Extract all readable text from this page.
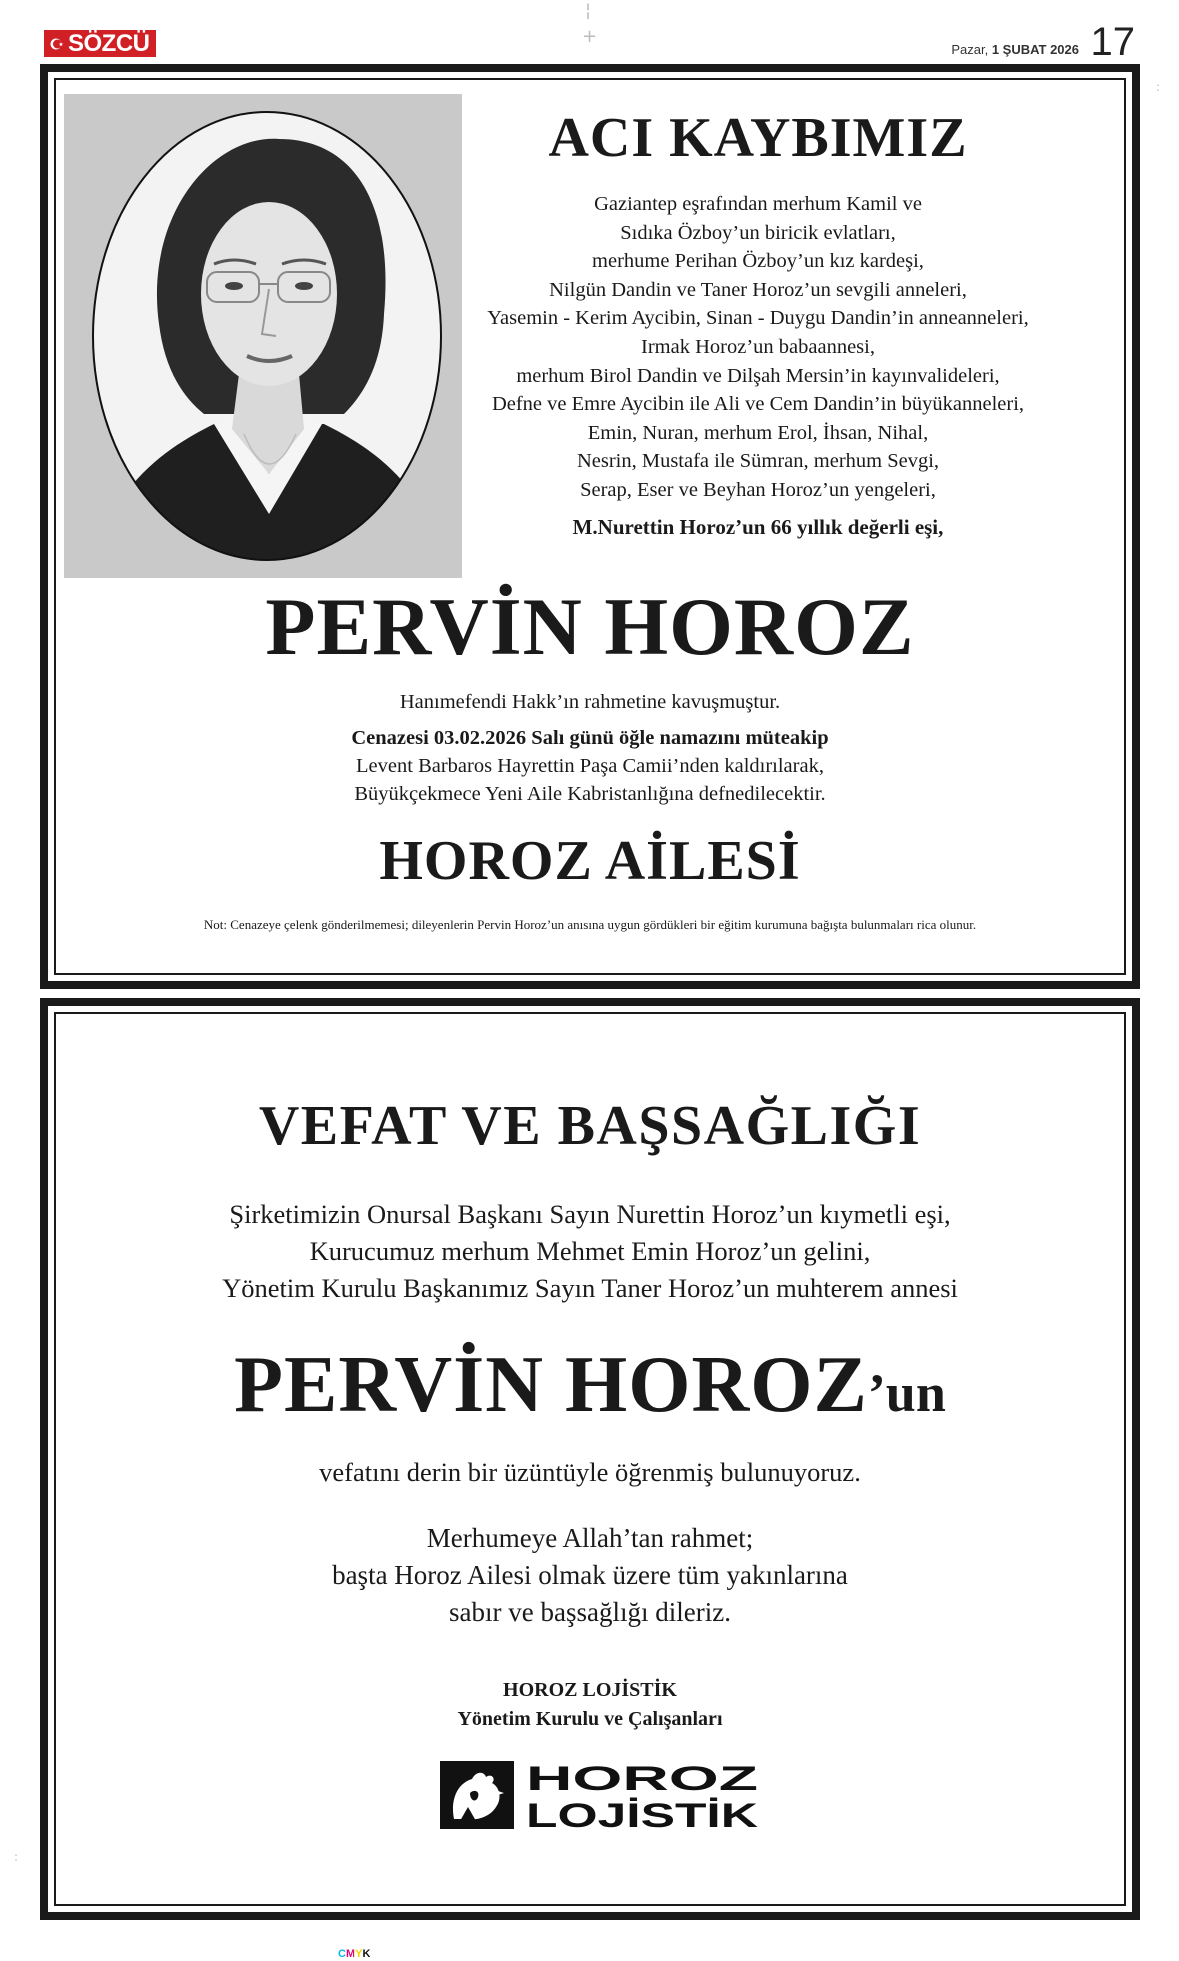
SÖZCÜ	+
¦
Pazar, 1 ŞUBAT 2026 17
ACI KAYBIMIZ
Gaziantep eşrafından merhum Kamil ve
Sıdıka Özboy’un biricik evlatları,
merhume Perihan Özboy’un kız kardeşi,
Nilgün Dandin ve Taner Horoz’un sevgili anneleri,
Yasemin - Kerim Aycibin, Sinan - Duygu Dandin’in anneanneleri,
Irmak Horoz’un babaannesi,
merhum Birol Dandin ve Dilşah Mersin’in kayınvalideleri,
Defne ve Emre Aycibin ile Ali ve Cem Dandin’in büyükanneleri,
Emin, Nuran, merhum Erol, İhsan, Nihal,
Nesrin, Mustafa ile Sümran, merhum Sevgi,
Serap, Eser ve Beyhan Horoz’un yengeleri,
M.Nurettin Horoz’un 66 yıllık değerli eşi,
PERVİN HOROZ
Hanımefendi Hakk’ın rahmetine kavuşmuştur.
Cenazesi 03.02.2026 Salı günü öğle namazını müteakip
Levent Barbaros Hayrettin Paşa Camii’nden kaldırılarak,
Büyükçekmece Yeni Aile Kabristanlığına defnedilecektir.
HOROZ AİLESİ
Not: Cenazeye çelenk gönderilmemesi; dileyenlerin Pervin Horoz’un anısına uygun gördükleri bir eğitim kurumuna bağışta bulunmaları rica olunur.
VEFAT VE BAŞSAĞLIĞI
Şirketimizin Onursal Başkanı Sayın Nurettin Horoz’un kıymetli eşi,
Kurucumuz merhum Mehmet Emin Horoz’un gelini,
Yönetim Kurulu Başkanımız Sayın Taner Horoz’un muhterem annesi
PERVİN HOROZ’un
vefatını derin bir üzüntüyle öğrenmiş bulunuyoruz.
Merhumeye Allah’tan rahmet;
başta Horoz Ailesi olmak üzere tüm yakınlarına
sabır ve başsağlığı dileriz.
HOROZ LOJİSTİK
Yönetim Kurulu ve Çalışanları
HOROZ
LOJİSTİK
:
:
CMYK
